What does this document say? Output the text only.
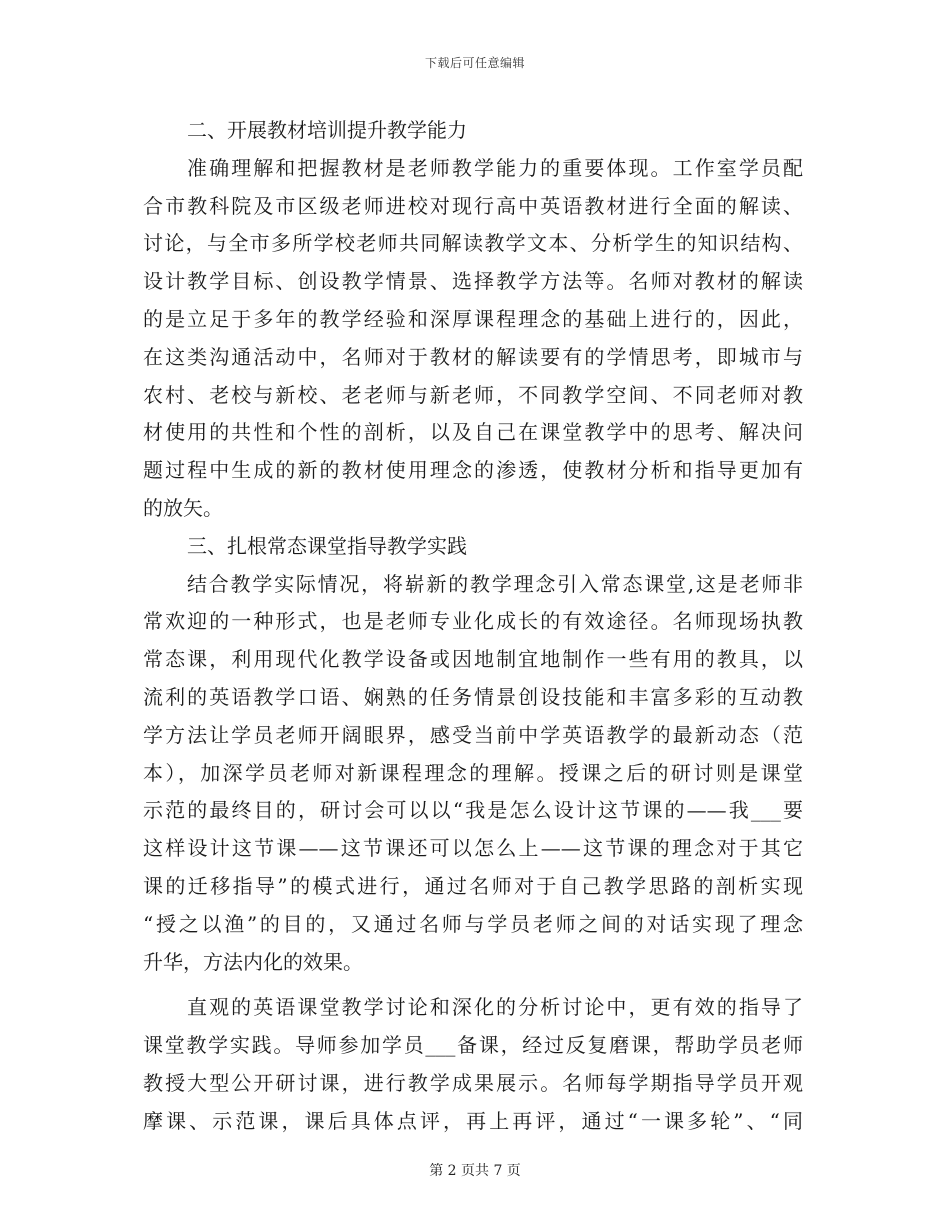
下载后可任意编辑
二、开展教材培训提升教学能力
准确理解和把握教材是老师教学能力的重要体现。工作室学员配
合市教科院及市区级老师进校对现行高中英语教材进行全面的解读、
讨论，与全市多所学校老师共同解读教学文本、分析学生的知识结构、
设计教学目标、创设教学情景、选择教学方法等。名师对教材的解读
的是立足于多年的教学经验和深厚课程理念的基础上进行的，因此，
在这类沟通活动中，名师对于教材的解读要有的学情思考，即城市与
农村、老校与新校、老老师与新老师，不同教学空间、不同老师对教
材使用的共性和个性的剖析，以及自己在课堂教学中的思考、解决问
题过程中生成的新的教材使用理念的渗透，使教材分析和指导更加有
的放矢。
三、扎根常态课堂指导教学实践
结合教学实际情况，将崭新的教学理念引入常态课堂,这是老师非
常欢迎的一种形式，也是老师专业化成长的有效途径。名师现场执教
常态课，利用现代化教学设备或因地制宜地制作一些有用的教具，以
流利的英语教学口语、娴熟的任务情景创设技能和丰富多彩的互动教
学方法让学员老师开阔眼界，感受当前中学英语教学的最新动态（范
本），加深学员老师对新课程理念的理解。授课之后的研讨则是课堂
示范的最终目的，研讨会可以以“我是怎么设计这节课的——我___要
这样设计这节课——这节课还可以怎么上——这节课的理念对于其它
课的迁移指导”的模式进行，通过名师对于自己教学思路的剖析实现
“授之以渔”的目的，又通过名师与学员老师之间的对话实现了理念
升华，方法内化的效果。
直观的英语课堂教学讨论和深化的分析讨论中，更有效的指导了
课堂教学实践。导师参加学员___备课，经过反复磨课，帮助学员老师
教授大型公开研讨课，进行教学成果展示。名师每学期指导学员开观
摩课、示范课，课后具体点评，再上再评，通过“一课多轮”、“同
第 2 页共 7 页
